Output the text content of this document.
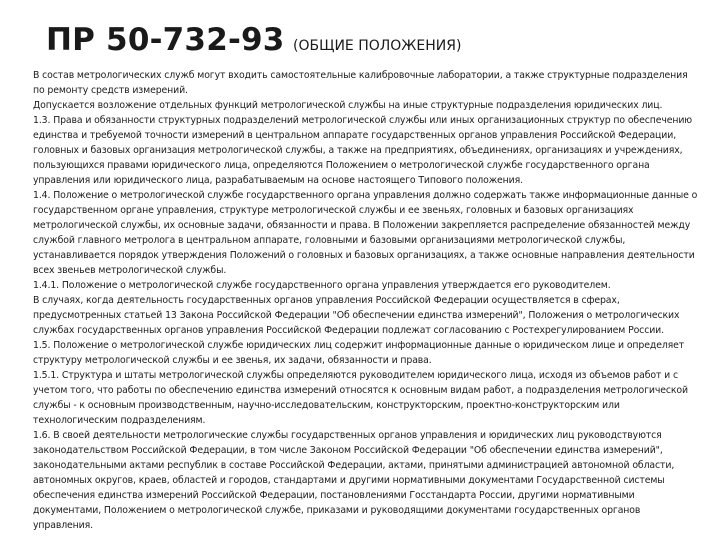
ПР 50-732-93 (ОБЩИЕ ПОЛОЖЕНИЯ)

В состав метрологических служб могут входить самостоятельные калибровочные лаборатории, а также структурные подразделения по ремонту средств измерений.

Допускается возложение отдельных функций метрологической службы на иные структурные подразделения юридических лиц.

1.3. Права и обязанности структурных подразделений метрологической службы или иных организационных структур по обеспечению единства и требуемой точности измерений в центральном аппарате государственных органов управления Российской Федерации, головных и базовых организация метрологической службы, а также на предприятиях, объединениях, организациях и учреждениях, пользующихся правами юридического лица, определяются Положением о метрологической службе государственного органа управления или юридического лица, разрабатываемым на основе настоящего Типового положения.

1.4. Положение о метрологической службе государственного органа управления должно содержать также информационные данные о государственном органе управления, структуре метрологической службы и ее звеньях, головных и базовых организациях метрологической службы, их основные задачи, обязанности и права. В Положении закрепляется распределение обязанностей между службой главного метролога в центральном аппарате, головными и базовыми организациями метрологической службы, устанавливается порядок утверждения Положений о головных и базовых организациях, а также основные направления деятельности всех звеньев метрологической службы.

1.4.1. Положение о метрологической службе государственного органа управления утверждается его руководителем.

В случаях, когда деятельность государственных органов управления Российской Федерации осуществляется в сферах, предусмотренных статьей 13 Закона Российской Федерации "Об обеспечении единства измерений", Положения о метрологических службах государственных органов управления Российской Федерации подлежат согласованию с Ростехрегулированием России.

1.5. Положение о метрологической службе юридических лиц содержит информационные данные о юридическом лице и определяет структуру метрологической службы и ее звенья, их задачи, обязанности и права.

1.5.1. Структура и штаты метрологической службы определяются руководителем юридического лица, исходя из объемов работ и с учетом того, что работы по обеспечению единства измерений относятся к основным видам работ, а подразделения метрологической службы - к основным производственным, научно-исследовательским, конструкторским, проектно-конструкторским или технологическим подразделениям.

1.6. В своей деятельности метрологические службы государственных органов управления и юридических лиц руководствуются законодательством Российской Федерации, в том числе Законом Российской Федерации "Об обеспечении единства измерений", законодательными актами республик в составе Российской Федерации, актами, принятыми администрацией автономной области, автономных округов, краев, областей и городов, стандартами и другими нормативными документами Государственной системы обеспечения единства измерений Российской Федерации, постановлениями Госстандарта России, другими нормативными документами, Положением о метрологической службе, приказами и руководящими документами государственных органов управления.
